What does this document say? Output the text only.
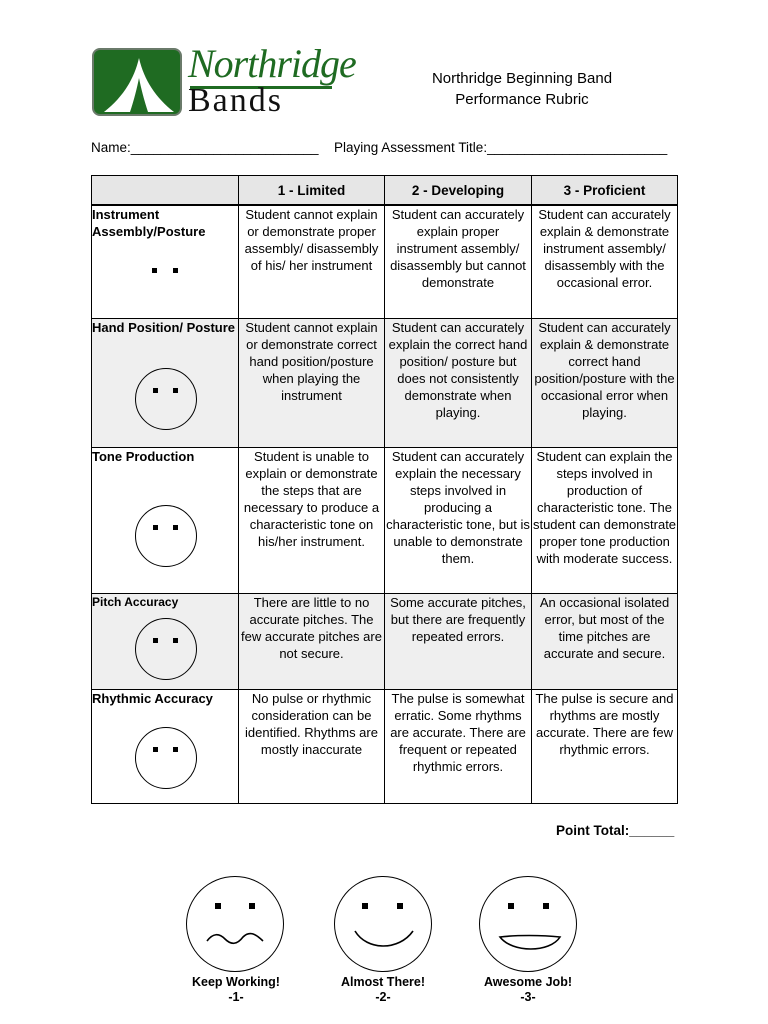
Northridge
Bands
Northridge Beginning Band
Performance Rubric
Name:_________________________ Playing Assessment Title:________________________
	1 - Limited	2 - Developing	3 - Proficient

Instrument Assembly/Posture	Student cannot explain or demonstrate proper assembly/ disassembly of his/ her instrument	Student can accurately explain proper instrument assembly/ disassembly but cannot demonstrate	Student can accurately explain & demonstrate instrument assembly/ disassembly with the occasional error.

Hand Position/ Posture	Student cannot explain or demonstrate correct hand position/posture when playing the instrument	Student can accurately explain the correct hand position/ posture but does not consistently demonstrate when playing.	Student can accurately explain & demonstrate correct hand position/posture with the occasional error when playing.

Tone Production	Student is unable to explain or demonstrate the steps that are necessary to produce a characteristic tone on his/her instrument.	Student can accurately explain the necessary steps involved in producing a characteristic tone, but is unable to demonstrate them.	Student can explain the steps involved in production of characteristic tone. The student can demonstrate proper tone production with moderate success.

Pitch Accuracy	There are little to no accurate pitches. The few accurate pitches are not secure.	Some accurate pitches, but there are frequently repeated errors.	An occasional isolated error, but most of the time pitches are accurate and secure.

Rhythmic Accuracy	No pulse or rhythmic consideration can be identified. Rhythms are mostly inaccurate	The pulse is somewhat erratic. Some rhythms are accurate. There are frequent or repeated rhythmic errors.	The pulse is secure and rhythms are mostly accurate. There are few rhythmic errors.
Point Total:______
Keep Working!
-1-
Almost There!
-2-
Awesome Job!
-3-
